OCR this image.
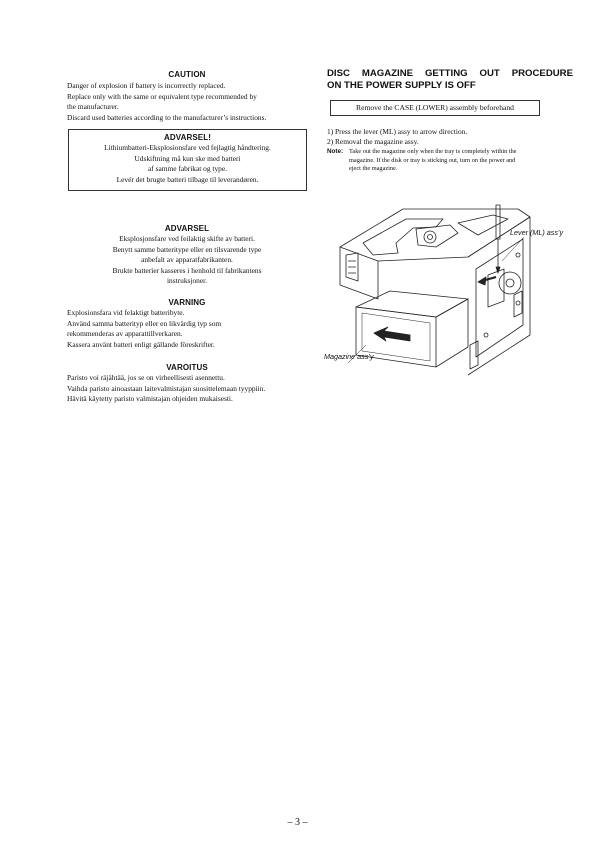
CAUTION
Danger of explosion if battery is incorrectly replaced.
Replace only with the same or equivalent type recommended by
the manufacturer.
Discard used batteries according to the manufacturer’s instructions.
ADVARSEL!
Lithiumbatteri-Eksplosionsfare ved fejlagtig håndtering.
Udskiftning må kun ske med batteri
af samme fabrikat og type.
Levér det brugte batteri tilbage til leverandøren.
ADVARSEL
Eksplosjonsfare ved feilaktig skifte av batteri.
Benytt samme batteritype eller en tilsvarende type
anbefalt av apparatfabrikanten.
Brukte batterier kasseres i henhold til fabrikantens
instruksjoner.
VARNING
Explosionsfara vid felaktigt batteribyte.
Använd samma batterityp eller en likvärdig typ som
rekommenderas av apparattillverkaren.
Kassera använt batteri enligt gällande föreskrifter.
VAROITUS
Paristo voi räjähtää, jos se on virheellisesti asennettu.
Vaihda paristo ainoastaan laitevalmistajan suosittelemaan tyyppiin.
Hävitä käytetty paristo valmistajan ohjeiden mukaisesti.
DISC MAGAZINE GETTING OUT PROCEDURE
ON THE POWER SUPPLY IS OFF
Remove the CASE (LOWER) assembly beforehand
1) Press the lever (ML) assy to arrow direction.
2) Removal the magazine assy.
Note: Take out the magazine only when the tray is completely within the
magazine. If the disk or tray is sticking out, turn on the power and
eject the magazine.
Lever (ML) ass’y
Magazine ass’y
– 3 –
